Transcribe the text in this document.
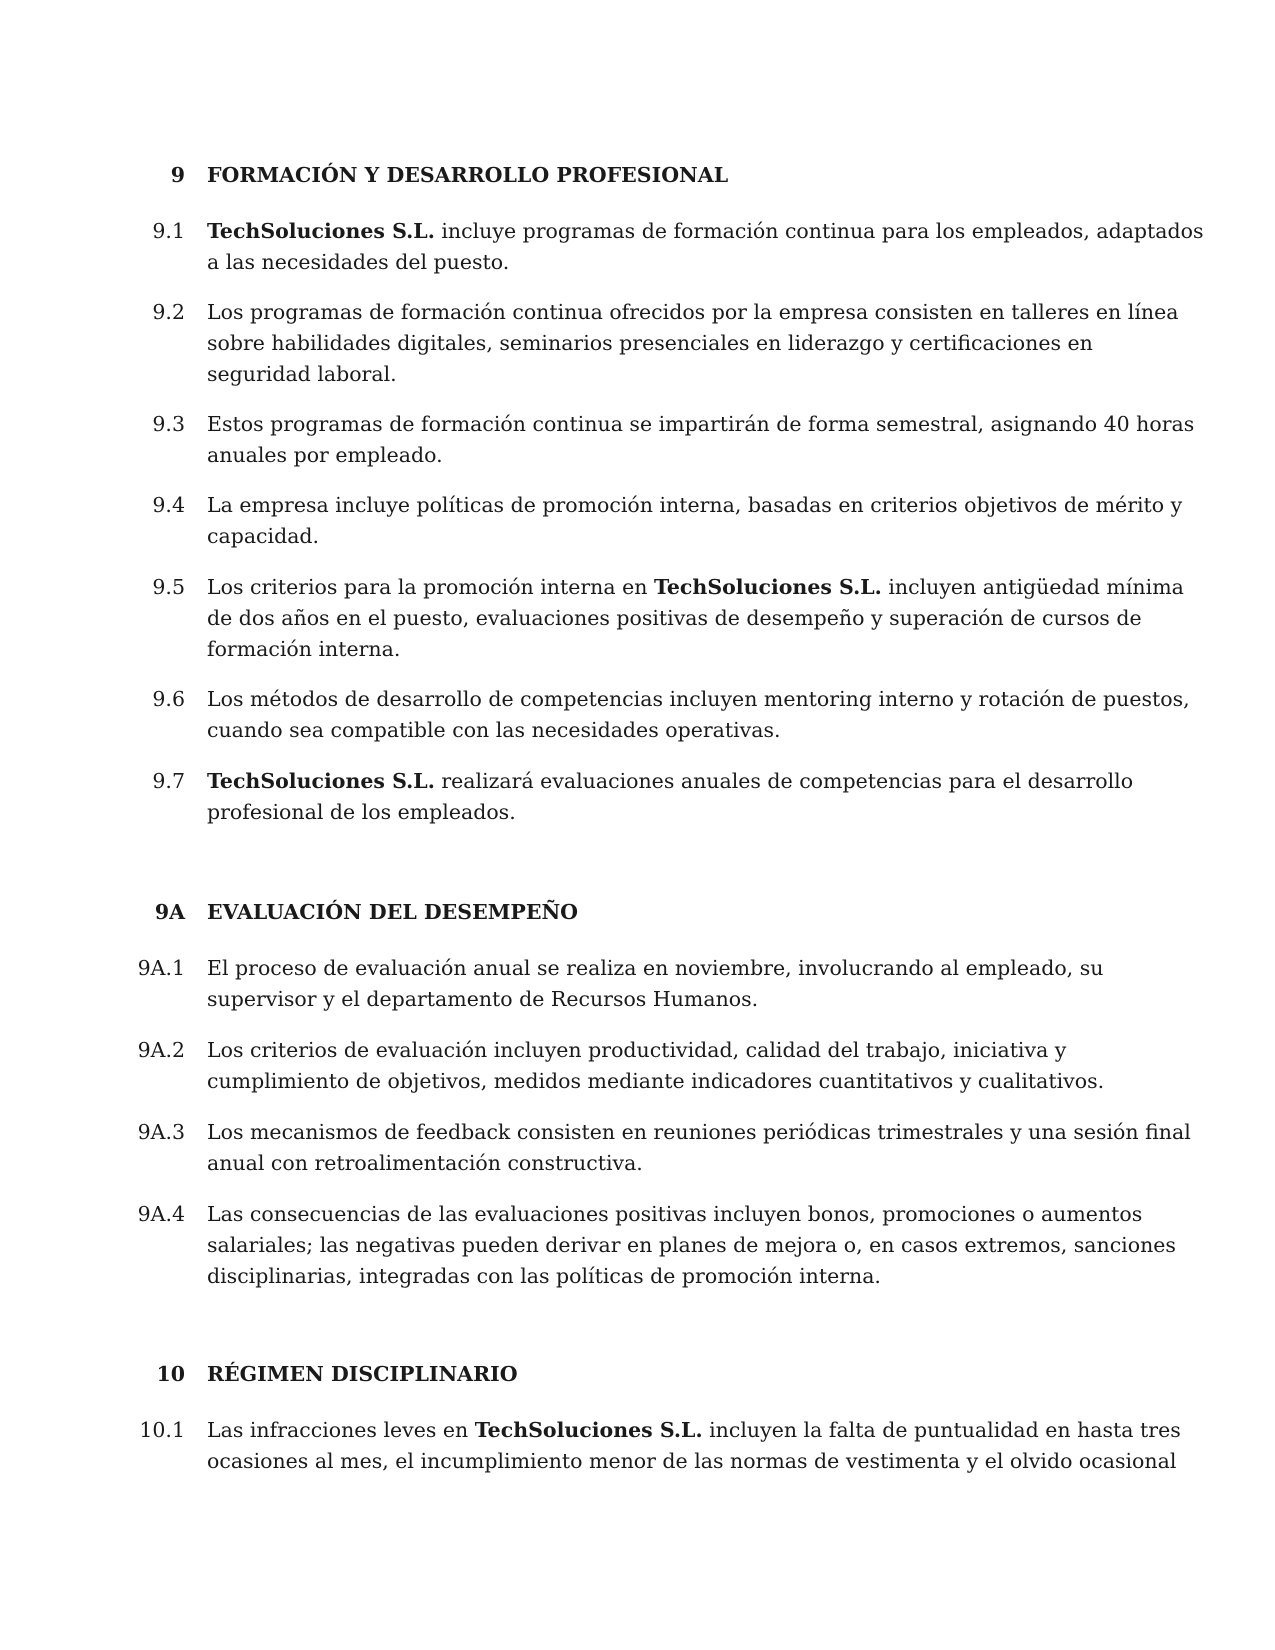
9 FORMACIÓN Y DESARROLLO PROFESIONAL
9.1 TechSoluciones S.L. incluye programas de formación continua para los empleados, adaptados
a las necesidades del puesto.
9.2 Los programas de formación continua ofrecidos por la empresa consisten en talleres en línea
sobre habilidades digitales, seminarios presenciales en liderazgo y certificaciones en
seguridad laboral.
9.3 Estos programas de formación continua se impartirán de forma semestral, asignando 40 horas
anuales por empleado.
9.4 La empresa incluye políticas de promoción interna, basadas en criterios objetivos de mérito y
capacidad.
9.5 Los criterios para la promoción interna en TechSoluciones S.L. incluyen antigüedad mínima
de dos años en el puesto, evaluaciones positivas de desempeño y superación de cursos de
formación interna.
9.6 Los métodos de desarrollo de competencias incluyen mentoring interno y rotación de puestos,
cuando sea compatible con las necesidades operativas.
9.7 TechSoluciones S.L. realizará evaluaciones anuales de competencias para el desarrollo
profesional de los empleados.
9A EVALUACIÓN DEL DESEMPEÑO
9A.1 El proceso de evaluación anual se realiza en noviembre, involucrando al empleado, su
supervisor y el departamento de Recursos Humanos.
9A.2 Los criterios de evaluación incluyen productividad, calidad del trabajo, iniciativa y
cumplimiento de objetivos, medidos mediante indicadores cuantitativos y cualitativos.
9A.3 Los mecanismos de feedback consisten en reuniones periódicas trimestrales y una sesión final
anual con retroalimentación constructiva.
9A.4 Las consecuencias de las evaluaciones positivas incluyen bonos, promociones o aumentos
salariales; las negativas pueden derivar en planes de mejora o, en casos extremos, sanciones
disciplinarias, integradas con las políticas de promoción interna.
10 RÉGIMEN DISCIPLINARIO
10.1 Las infracciones leves en TechSoluciones S.L. incluyen la falta de puntualidad en hasta tres
ocasiones al mes, el incumplimiento menor de las normas de vestimenta y el olvido ocasional
